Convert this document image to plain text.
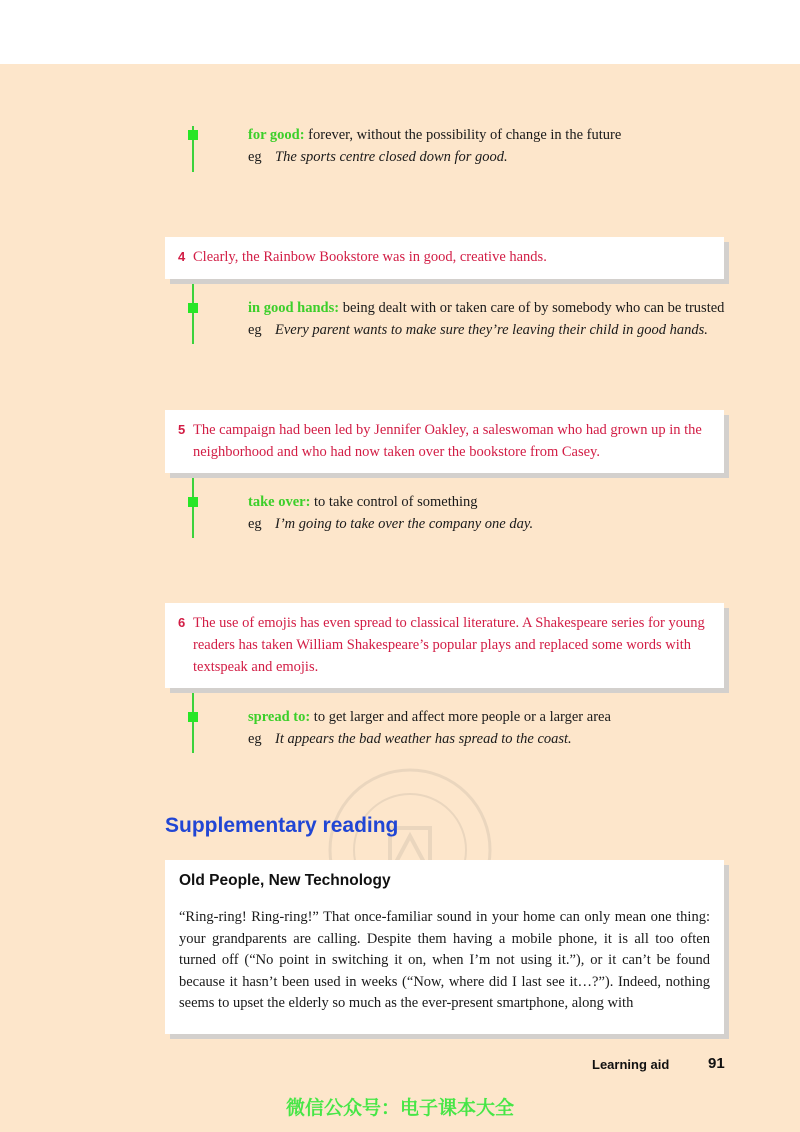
for good: forever, without the possibility of change in the future
eg The sports centre closed down for good.
4 Clearly, the Rainbow Bookstore was in good, creative hands.
in good hands: being dealt with or taken care of by somebody who can be trusted
eg Every parent wants to make sure they’re leaving their child in good hands.
5 The campaign had been led by Jennifer Oakley, a saleswoman who had grown up in the neighborhood and who had now taken over the bookstore from Casey.
take over: to take control of something
eg I’m going to take over the company one day.
6 The use of emojis has even spread to classical literature. A Shakespeare series for young readers has taken William Shakespeare’s popular plays and replaced some words with textspeak and emojis.
spread to: to get larger and affect more people or a larger area
eg It appears the bad weather has spread to the coast.
Supplementary reading
Old People, New Technology
“Ring-ring! Ring-ring!” That once-familiar sound in your home can only mean one thing: your grandparents are calling. Despite them having a mobile phone, it is all too often turned off (“No point in switching it on, when I’m not using it.”), or it can’t be found because it hasn’t been used in weeks (“Now, where did I last see it…?”). Indeed, nothing seems to upset the elderly so much as the ever-present smartphone, along with
Learning aid	91
微信公众号：电子课本大全
